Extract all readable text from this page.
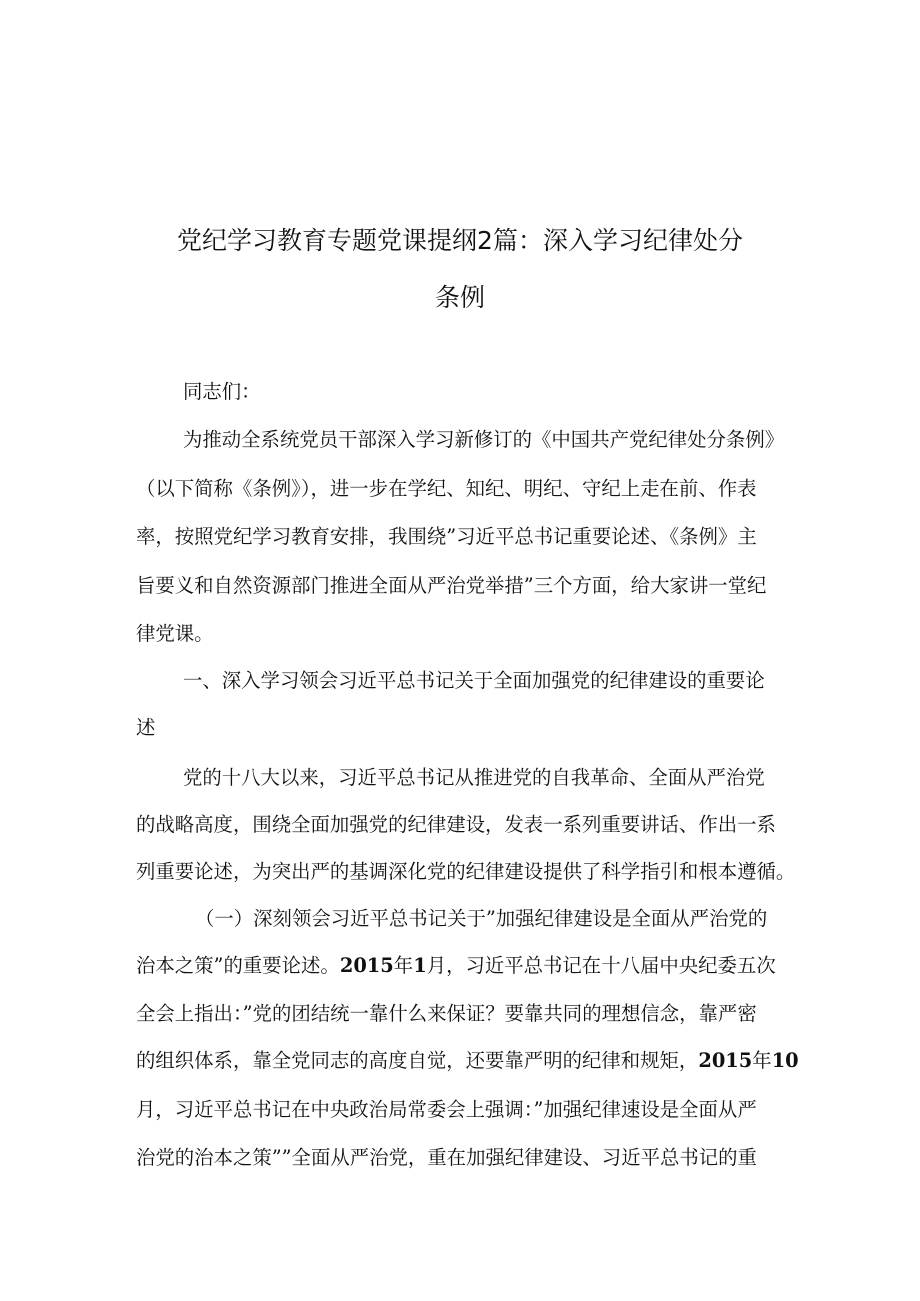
党纪学习教育专题党课提纲2篇：深入学习纪律处分
条例
同志们：
为推动全系统党员干部深入学习新修订的《中国共产党纪律处分条例》
（以下简称《条例》），进一步在学纪、知纪、明纪、守纪上走在前、作表
率，按照党纪学习教育安排，我围绕”习近平总书记重要论述、《条例》主
旨要义和自然资源部门推进全面从严治党举措”三个方面，给大家讲一堂纪
律党课。
一、深入学习领会习近平总书记关于全面加强党的纪律建设的重要论
述
党的十八大以来，习近平总书记从推进党的自我革命、全面从严治党
的战略高度，围绕全面加强党的纪律建设，发表一系列重要讲话、作出一系
列重要论述，为突出严的基调深化党的纪律建设提供了科学指引和根本遵循。
（一）深刻领会习近平总书记关于”加强纪律建设是全面从严治党的
治本之策”的重要论述。2015年1月，习近平总书记在十八届中央纪委五次
全会上指出：”党的团结统一靠什么来保证？要靠共同的理想信念，靠严密
的组织体系，靠全党同志的高度自觉，还要靠严明的纪律和规矩，2015年10
月，习近平总书记在中央政治局常委会上强调：”加强纪律速设是全面从严
治党的治本之策””全面从严治党，重在加强纪律建设、习近平总书记的重
